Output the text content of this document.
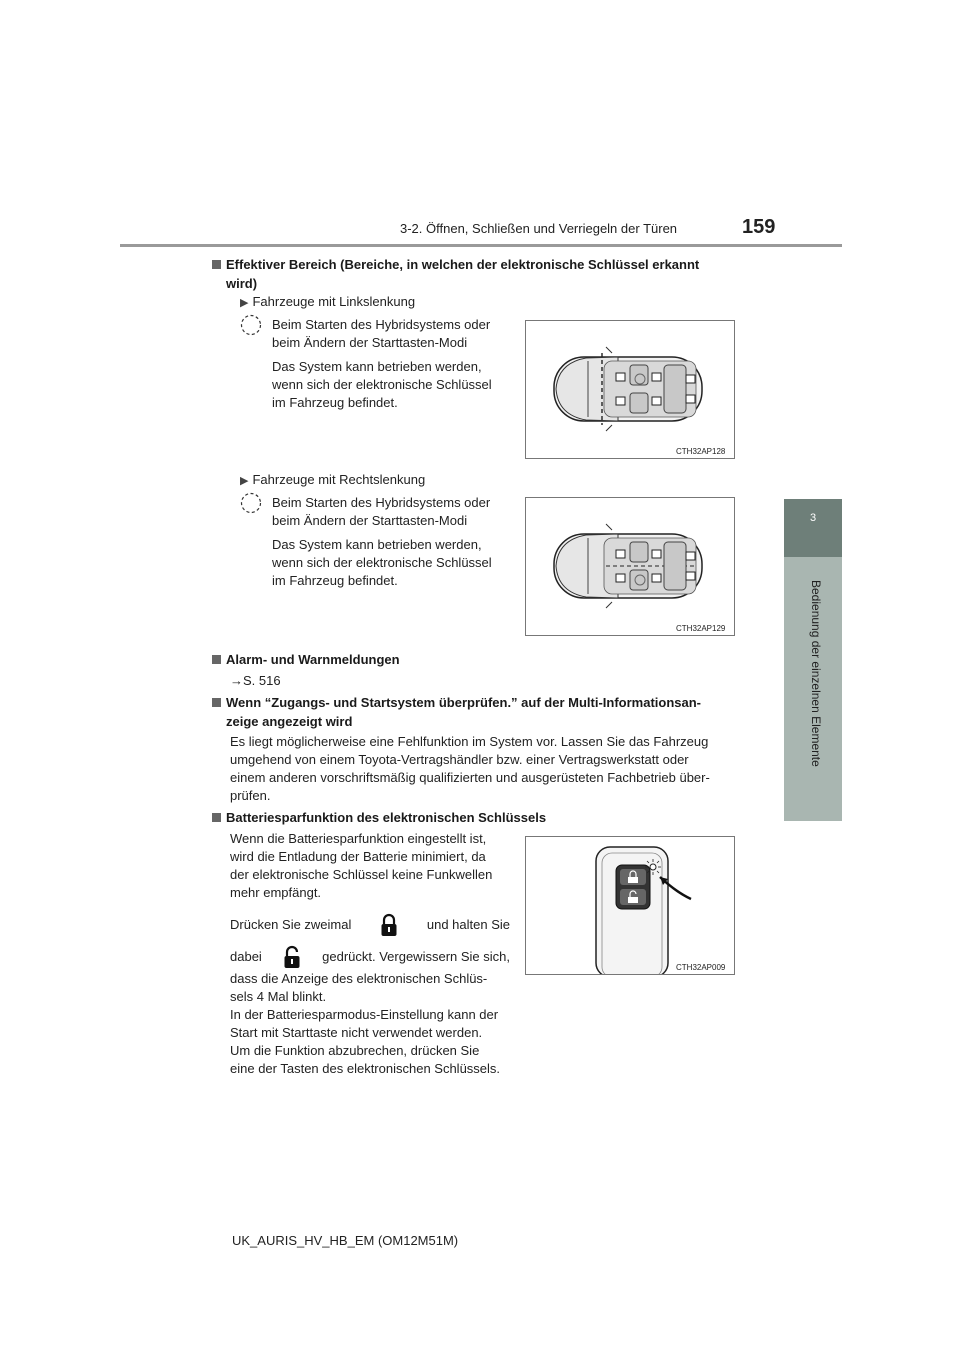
3-2. Öffnen, Schließen und Verriegeln der Türen	159
3
Bedienung der einzelnen Elemente
Effektiver Bereich (Bereiche, in welchen der elektronische Schlüssel erkannt
wird)
▶ Fahrzeuge mit Linkslenkung
Beim Starten des Hybridsystems oder
beim Ändern der Starttasten-Modi
Das System kann betrieben werden,
wenn sich der elektronische Schlüssel
im Fahrzeug befindet.
CTH32AP128
▶ Fahrzeuge mit Rechtslenkung
Beim Starten des Hybridsystems oder
beim Ändern der Starttasten-Modi
Das System kann betrieben werden,
wenn sich der elektronische Schlüssel
im Fahrzeug befindet.
CTH32AP129
Alarm- und Warnmeldungen
→S. 516
Wenn “Zugangs- und Startsystem überprüfen.” auf der Multi-Informationsan-
zeige angezeigt wird
Es liegt möglicherweise eine Fehlfunktion im System vor. Lassen Sie das Fahrzeug
umgehend von einem Toyota-Vertragshändler bzw. einer Vertragswerkstatt oder
einem anderen vorschriftsmäßig qualifizierten und ausgerüsteten Fachbetrieb über-
prüfen.
Batteriesparfunktion des elektronischen Schlüssels
Wenn die Batteriesparfunktion eingestellt ist,
wird die Entladung der Batterie minimiert, da
der elektronische Schlüssel keine Funkwellen
mehr empfängt.
Drücken Sie zweimal	und halten Sie
dabei	gedrückt. Vergewissern Sie sich,
dass die Anzeige des elektronischen Schlüs-
sels 4 Mal blinkt.
In der Batteriesparmodus-Einstellung kann der
Start mit Starttaste nicht verwendet werden.
Um die Funktion abzubrechen, drücken Sie
eine der Tasten des elektronischen Schlüssels.
CTH32AP009
UK_AURIS_HV_HB_EM (OM12M51M)
